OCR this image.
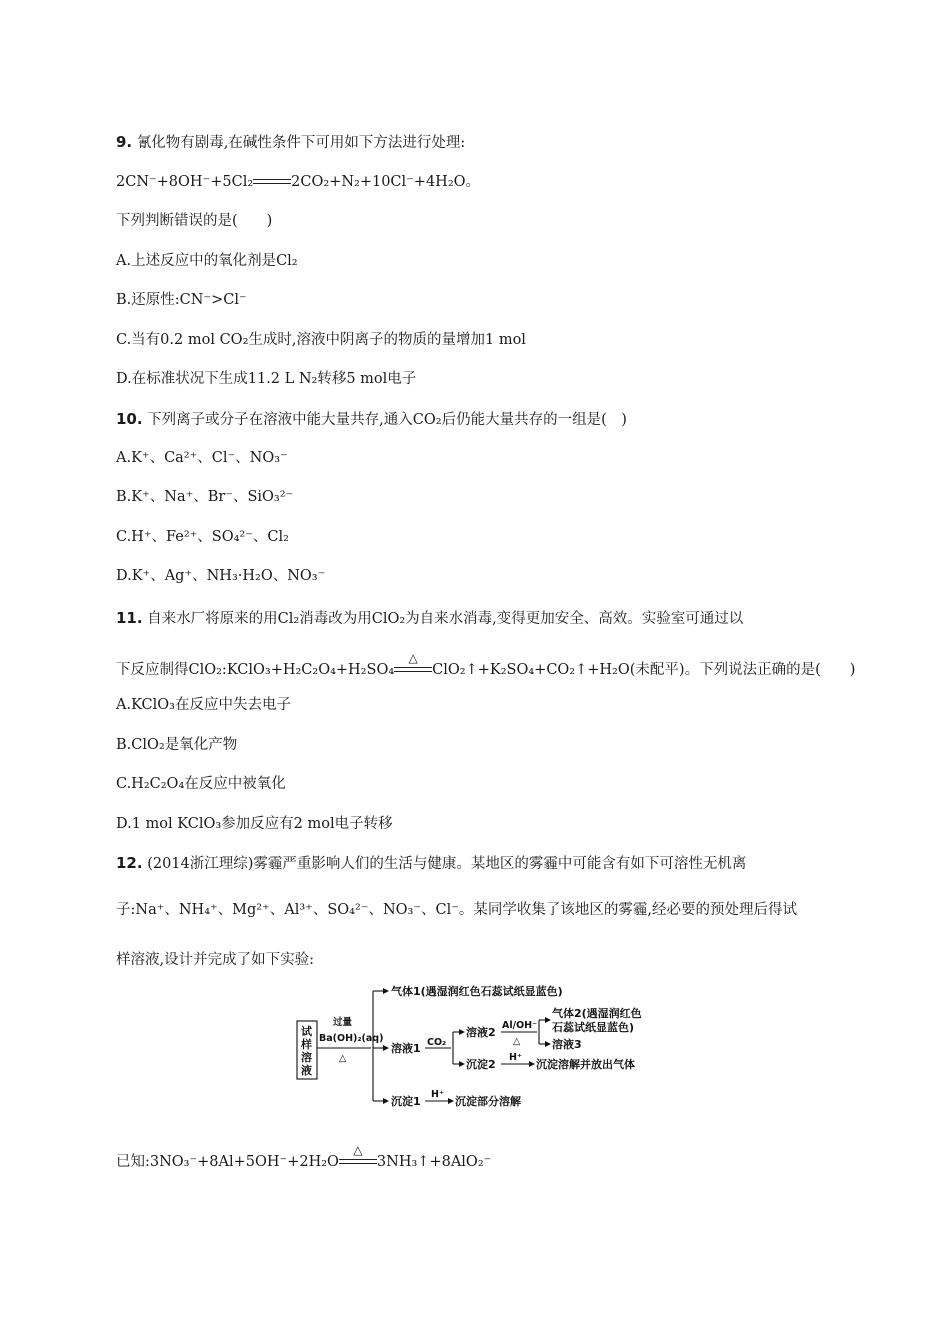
9. 氰化物有剧毒,在碱性条件下可用如下方法进行处理:
2CN⁻+8OH⁻+5Cl₂	2CO₂+N₂+10Cl⁻+4H₂O。
下列判断错误的是(　　)
A.上述反应中的氧化剂是Cl₂
B.还原性:CN⁻>Cl⁻
C.当有0.2 mol CO₂生成时,溶液中阴离子的物质的量增加1 mol
D.在标准状况下生成11.2 L N₂转移5 mol电子
10. 下列离子或分子在溶液中能大量共存,通入CO₂后仍能大量共存的一组是(　)
A.K⁺、Ca²⁺、Cl⁻、NO₃⁻
B.K⁺、Na⁺、Br⁻、SiO₃²⁻
C.H⁺、Fe²⁺、SO₄²⁻、Cl₂
D.K⁺、Ag⁺、NH₃·H₂O、NO₃⁻
11. 自来水厂将原来的用Cl₂消毒改为用ClO₂为自来水消毒,变得更加安全、高效。实验室可通过以
下反应制得ClO₂:KClO₃+H₂C₂O₄+H₂SO₄
△
ClO₂↑+K₂SO₄+CO₂↑+H₂O(未配平)。下列说法正确的是(　　)
A.KClO₃在反应中失去电子
B.ClO₂是氧化产物
C.H₂C₂O₄在反应中被氧化
D.1 mol KClO₃参加反应有2 mol电子转移
12. (2014浙江理综)雾霾严重影响人们的生活与健康。某地区的雾霾中可能含有如下可溶性无机离
子:Na⁺、NH₄⁺、Mg²⁺、Al³⁺、SO₄²⁻、NO₃⁻、Cl⁻。某同学收集了该地区的雾霾,经必要的预处理后得试
样溶液,设计并完成了如下实验:
试
样
溶
液
过量
Ba(OH)₂(aq)
△
气体1(遇湿润红色石蕊试纸显蓝色)
溶液1
沉淀1
CO₂
溶液2
沉淀2
Al/OH⁻
△
气体2(遇湿润红色
石蕊试纸显蓝色)
溶液3
H⁺
沉淀溶解并放出气体
H⁺
沉淀部分溶解
已知:3NO₃⁻+8Al+5OH⁻+2H₂O
△
3NH₃↑+8AlO₂⁻
